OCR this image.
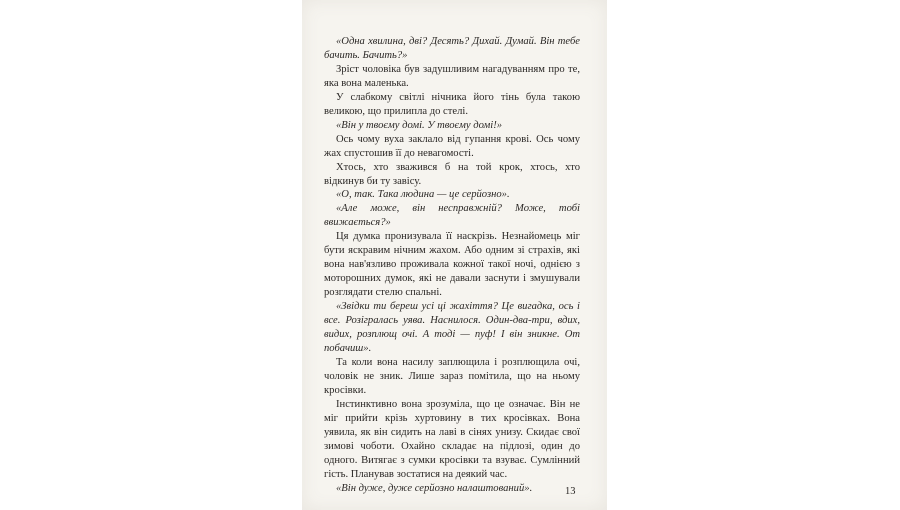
«Одна хвилина, дві? Десять? Дихай. Думай. Він тебе бачить. Бачить?»

Зріст чоловіка був задушливим нагадуванням про те, яка вона маленька.

У слабкому світлі нічника його тінь була такою великою, що прилипла до стелі.

«Він у твоєму домі. У твоєму домі!»

Ось чому вуха заклало від гупання крові. Ось чому жах спустошив її до невагомості.

Хтось, хто зважився б на той крок, хтось, хто відкинув би ту завісу.

«О, так. Така людина — це серйозно».

«Але може, він несправжній? Може, тобі ввижається?»

Ця думка пронизувала її наскрізь. Незнайомець міг бути яскравим нічним жахом. Або одним зі страхів, які вона нав'язливо проживала кожної такої ночі, однією з моторошних думок, які не давали заснути і змушували розглядати стелю спальні.

«Звідки ти береш усі ці жахіття? Це вигадка, ось і все. Розігралась уява. Наснилося. Один-два-три, вдих, видих, розплющ очі. А тоді — пуф! І він зникне. От побачиш».

Та коли вона насилу заплющила і розплющила очі, чоловік не зник. Лише зараз помітила, що на ньому кросівки.

Інстинктивно вона зрозуміла, що це означає. Він не міг прийти крізь хуртовину в тих кросівках. Вона уявила, як він сидить на лаві в сінях унизу. Скидає свої зимові чоботи. Охайно складає на підлозі, один до одного. Витягає з сумки кросівки та взуває. Сумлінний гість. Планував зостатися на деякий час.

«Він дуже, дуже серйозно налаштований».	13
